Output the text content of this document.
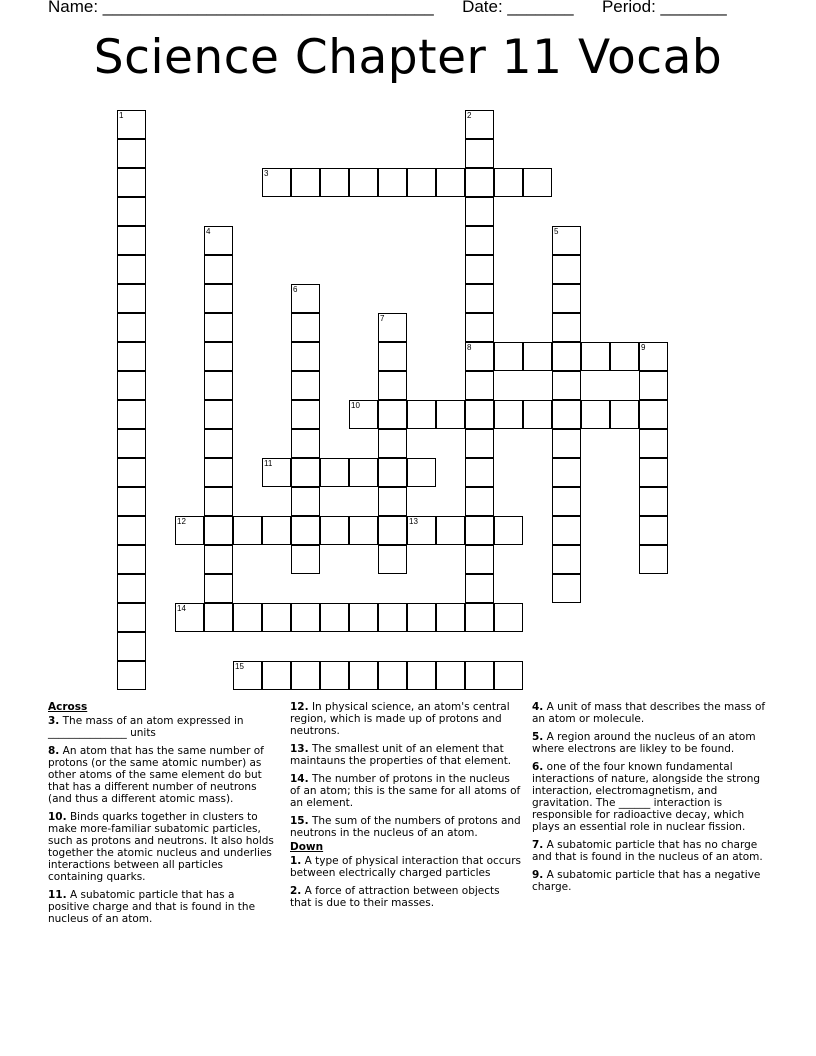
Name: ___________________________________ Date: _______ Period: _______
Science Chapter 11 Vocab
1	2
8
3
4	5
6
7
9
10
11
12	13
14
15
Across
3. The mass of an atom expressed in _______________ units
8. An atom that has the same number of protons (or the same atomic number) as other atoms of the same element do but that has a different number of neutrons (and thus a different atomic mass).
10. Binds quarks together in clusters to make more-familiar subatomic particles, such as protons and neutrons. It also holds together the atomic nucleus and underlies interactions between all particles containing quarks.
11. A subatomic particle that has a positive charge and that is found in the nucleus of an atom.
12. In physical science, an atom's central region, which is made up of protons and neutrons.
13. The smallest unit of an element that maintauns the properties of that element.
14. The number of protons in the nucleus of an atom; this is the same for all atoms of an element.
15. The sum of the numbers of protons and neutrons in the nucleus of an atom.
Down
1. A type of physical interaction that occurs between electrically charged particles
2. A force of attraction between objects that is due to their masses.
4. A unit of mass that describes the mass of an atom or molecule.
5. A region around the nucleus of an atom where electrons are likley to be found.
6. one of the four known fundamental interactions of nature, alongside the strong interaction, electromagnetism, and gravitation. The ______ interaction is responsible for radioactive decay, which plays an essential role in nuclear fission.
7. A subatomic particle that has no charge and that is found in the nucleus of an atom.
9. A subatomic particle that has a negative charge.
